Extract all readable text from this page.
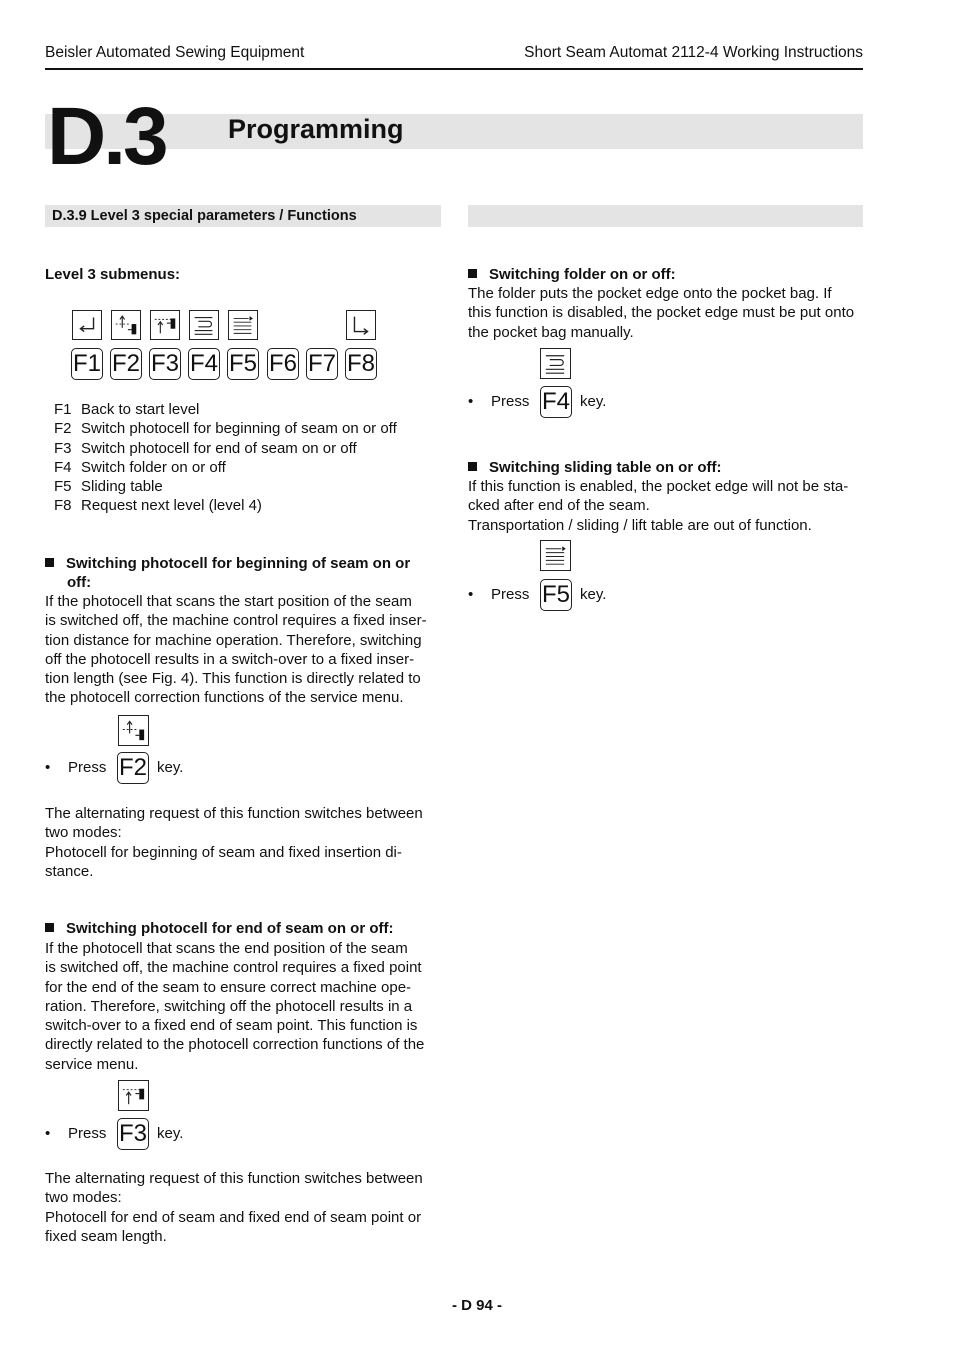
Beisler Automated Sewing Equipment	Short Seam Automat 2112-4 Working Instructions
D.3 Programming
D.3.9 Level 3 special parameters / Functions
Level 3 submenus:
F1 F2 F3 F4 F5 F6 F7 F8
F1 Back to start level
F2 Switch photocell for beginning of seam on or off
F3 Switch photocell for end of seam on or off
F4 Switch folder on or off
F5 Sliding table
F8 Request next level (level 4)
Switching photocell for beginning of seam on or
off:
If the photocell that scans the start position of the seam
is switched off, the machine control requires a fixed inser-
tion distance for machine operation. Therefore, switching
off the photocell results in a switch-over to a fixed inser-
tion length (see Fig. 4). This function is directly related to
the photocell correction functions of the service menu.
• Press F2 key.
The alternating request of this function switches between
two modes:
Photocell for beginning of seam and fixed insertion di-
stance.
Switching photocell for end of seam on or off:
If the photocell that scans the end position of the seam
is switched off, the machine control requires a fixed point
for the end of the seam to ensure correct machine ope-
ration. Therefore, switching off the photocell results in a
switch-over to a fixed end of seam point. This function is
directly related to the photocell correction functions of the
service menu.
• Press F3 key.
The alternating request of this function switches between
two modes:
Photocell for end of seam and fixed end of seam point or
fixed seam length.
Switching folder on or off:
The folder puts the pocket edge onto the pocket bag. If
this function is disabled, the pocket edge must be put onto
the pocket bag manually.
• Press F4 key.
Switching sliding table on or off:
If this function is enabled, the pocket edge will not be sta-
cked after end of the seam.
Transportation / sliding / lift table are out of function.
• Press F5 key.
- D 94 -
